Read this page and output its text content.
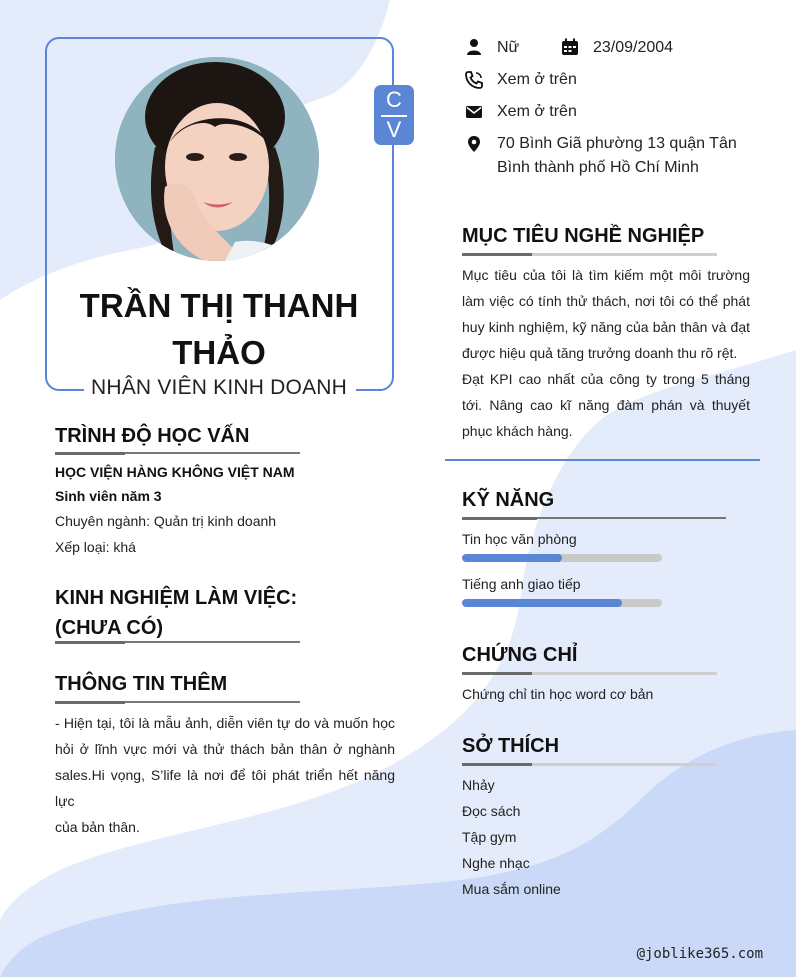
C
V
TRẦN THỊ THANH
THẢO
NHÂN VIÊN KINH DOANH
TRÌNH ĐỘ HỌC VẤN
HỌC VIỆN HÀNG KHÔNG VIỆT NAM
Sinh viên năm 3
Chuyên ngành: Quản trị kinh doanh
Xếp loại: khá
KINH NGHIỆM LÀM VIỆC:
(CHƯA CÓ)
THÔNG TIN THÊM
- Hiện tại, tôi là mẫu ảnh, diễn viên tự do và muốn học
hỏi ở lĩnh vực mới và thử thách bản thân ở nghành
sales.Hi vọng, S’life là nơi để tôi phát triển hết năng lực
của bản thân.
Nữ	23/09/2004
Xem ở trên
Xem ở trên
70 Bình Giã phường 13 quận Tân
Bình thành phố Hồ Chí Minh
MỤC TIÊU NGHỀ NGHIỆP
Mục tiêu của tôi là tìm kiếm một môi trường
làm việc có tính thử thách, nơi tôi có thể phát
huy kinh nghiệm, kỹ năng của bản thân và đạt
được hiệu quả tăng trưởng doanh thu rõ rệt.
Đạt KPI cao nhất của công ty trong 5 tháng
tới. Nâng cao kĩ năng đàm phán và thuyết
phục khách hàng.
KỸ NĂNG
Tin học văn phòng
Tiếng anh giao tiếp
CHỨNG CHỈ
Chứng chỉ tin học word cơ bản
SỞ THÍCH
Nhảy
Đọc sách
Tập gym
Nghe nhạc
Mua sắm online
@joblike365.com
